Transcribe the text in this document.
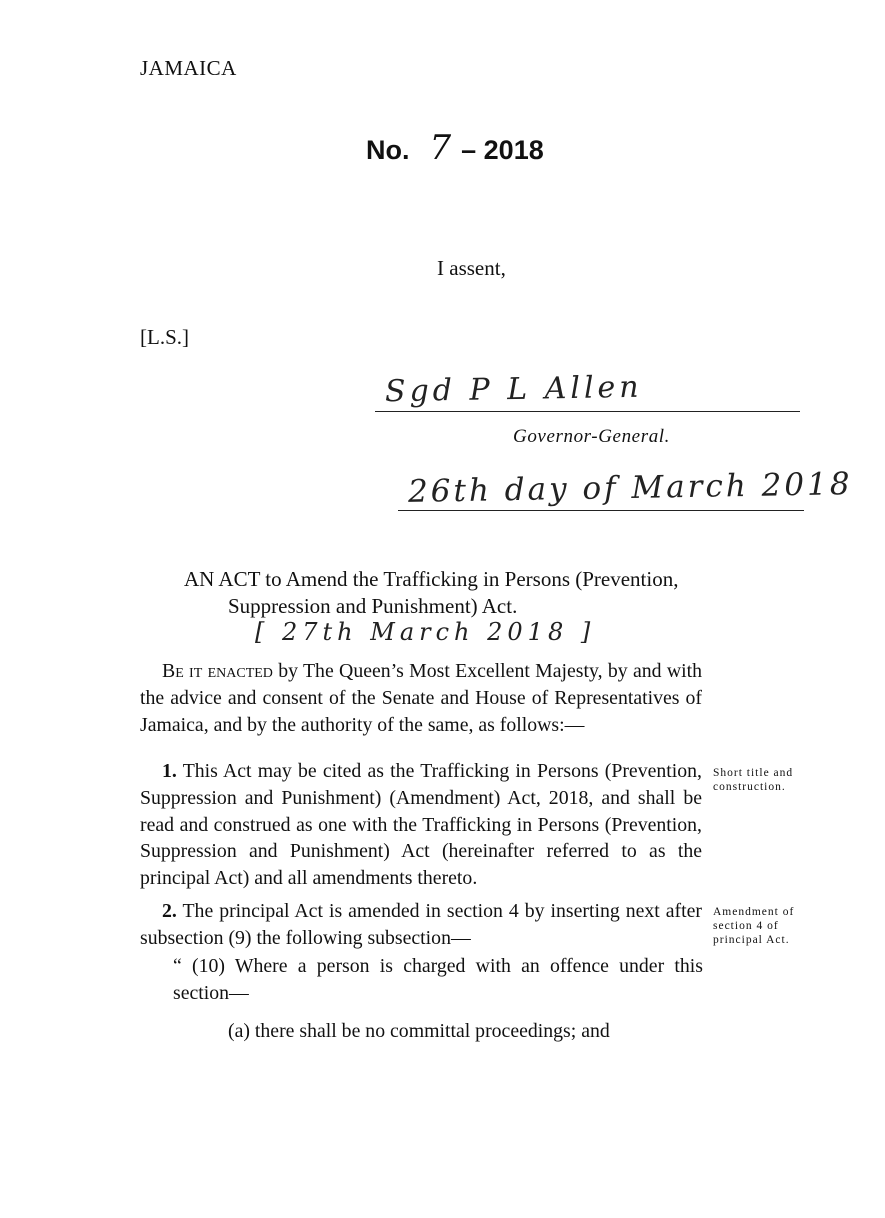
JAMAICA
No. 7 – 2018
I assent,
[L.S.]
Sgd P L Allen
Governor-General.
26th day of March 2018
AN ACT to Amend the Trafficking in Persons (Prevention,
Suppression and Punishment) Act.
[ 27th March 2018 ]
Be it enacted by The Queen’s Most Excellent Majesty, by and with the advice and consent of the Senate and House of Representatives of Jamaica, and by the authority of the same, as follows:—
1. This Act may be cited as the Trafficking in Persons (Prevention, Suppression and Punishment) (Amendment) Act, 2018, and shall be read and construed as one with the Trafficking in Persons (Prevention, Suppression and Punishment) Act (hereinafter referred to as the principal Act) and all amendments thereto.
2. The principal Act is amended in section 4 by inserting next after subsection (9) the following subsection—
“ (10) Where a person is charged with an offence under this section—
(a) there shall be no committal proceedings; and
Short title and construction.
Amendment of section 4 of principal Act.
